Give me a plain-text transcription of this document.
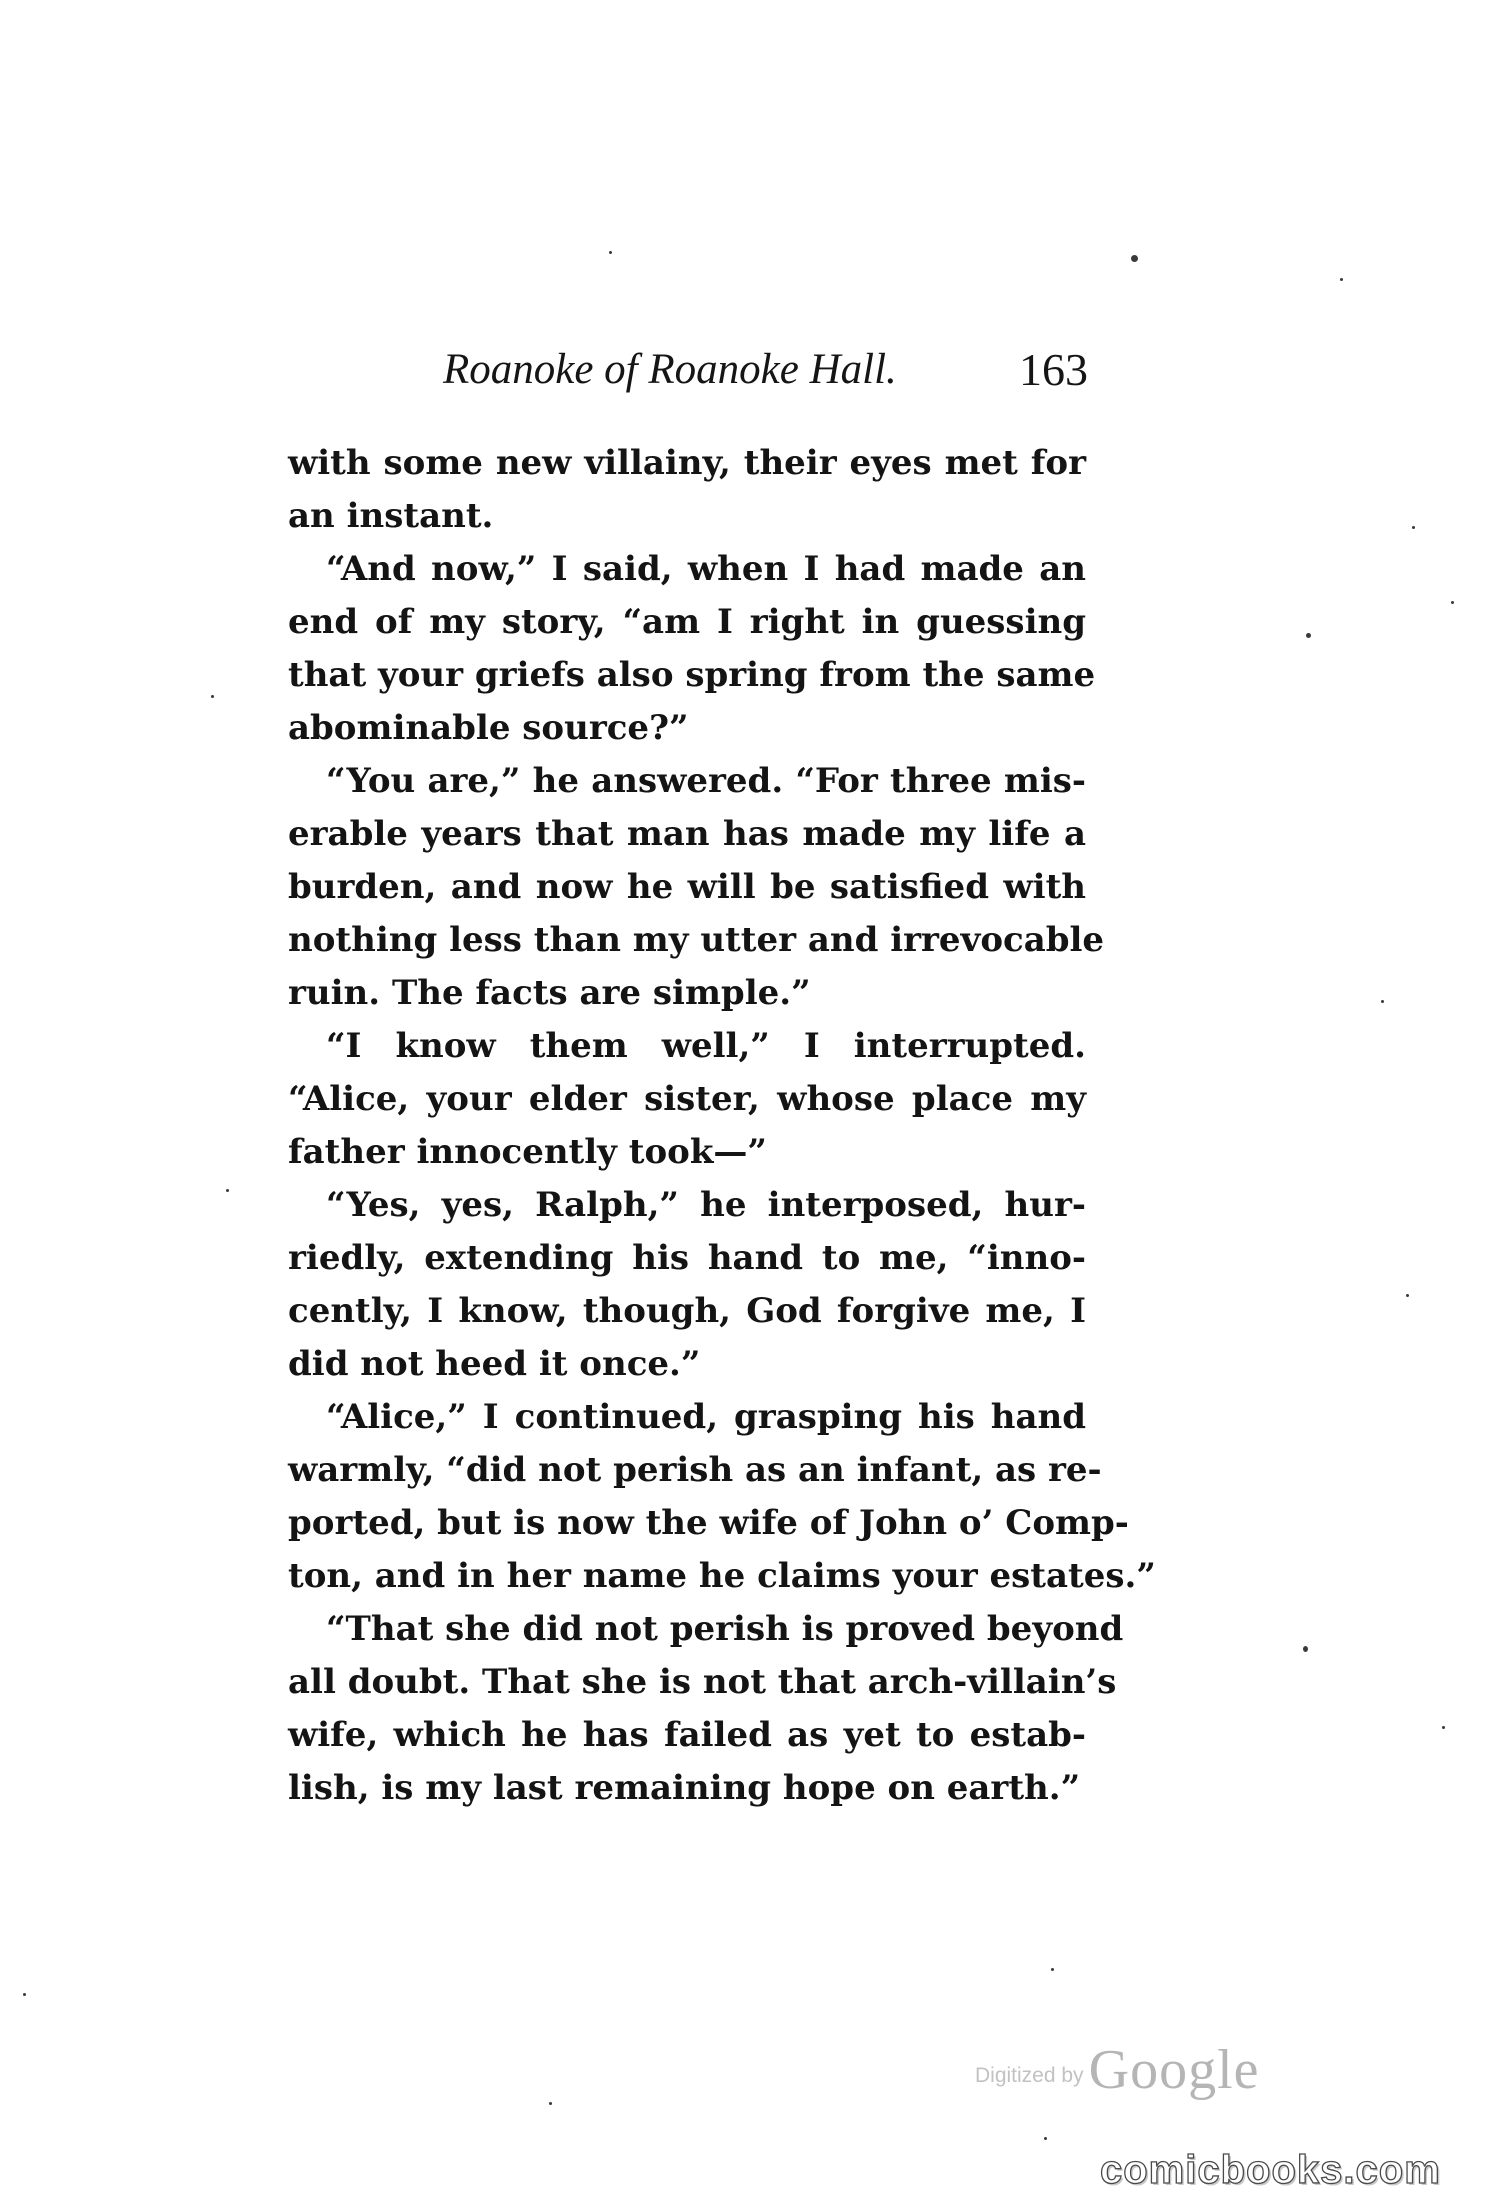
Roanoke of Roanoke Hall.	163
with some new villainy, their eyes met for
an instant.
“And now,” I said, when I had made an
end of my story, “am I right in guessing
that your griefs also spring from the same
abominable source?”
“You are,” he answered. “For three mis-
erable years that man has made my life a
burden, and now he will be satisfied with
nothing less than my utter and irrevocable
ruin. The facts are simple.”
“I know them well,” I interrupted.
“Alice, your elder sister, whose place my
father innocently took—”
“Yes, yes, Ralph,” he interposed, hur-
riedly, extending his hand to me, “inno-
cently, I know, though, God forgive me, I
did not heed it once.”
“Alice,” I continued, grasping his hand
warmly, “did not perish as an infant, as re-
ported, but is now the wife of John o’ Comp-
ton, and in her name he claims your estates.”
“That she did not perish is proved beyond
all doubt. That she is not that arch-villain’s
wife, which he has failed as yet to estab-
lish, is my last remaining hope on earth.”
Digitized by Google
comicbooks.com
